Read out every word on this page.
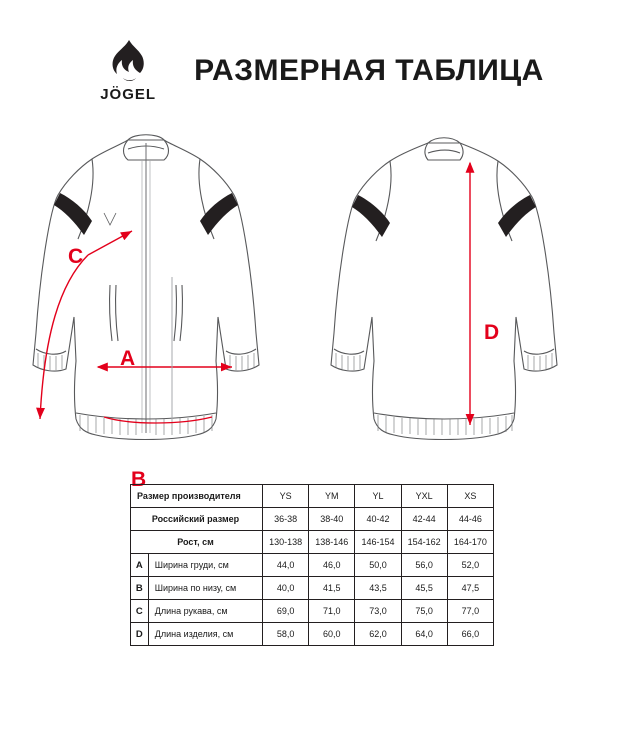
JÖGEL
РАЗМЕРНАЯ ТАБЛИЦА
C
A
B
D
Размер производителя		YS	YM	YL	YXL	XS
Российский размер		36-38	38-40	40-42	42-44	44-46
Рост, см		130-138	138-146	146-154	154-162	164-170
A	Ширина груди, см	44,0	46,0	50,0	56,0	52,0
B	Ширина по низу, см	40,0	41,5	43,5	45,5	47,5
C	Длина рукава, см	69,0	71,0	73,0	75,0	77,0
D	Длина изделия, см	58,0	60,0	62,0	64,0	66,0
